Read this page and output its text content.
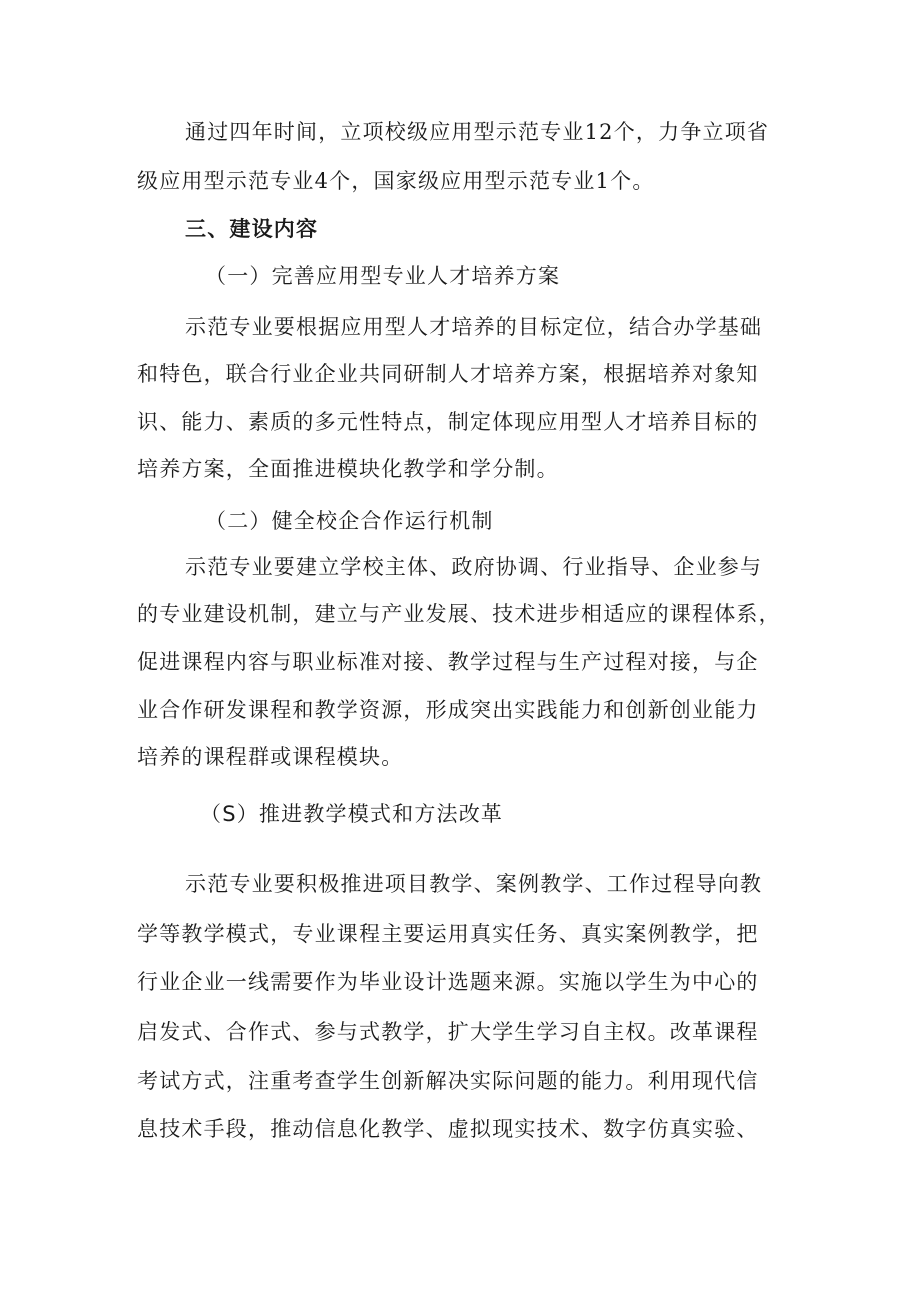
通过四年时间，立项校级应用型示范专业12个，力争立项省
级应用型示范专业4个，国家级应用型示范专业1个。
三、建设内容
（一）完善应用型专业人才培养方案
示范专业要根据应用型人才培养的目标定位，结合办学基础
和特色，联合行业企业共同研制人才培养方案，根据培养对象知
识、能力、素质的多元性特点，制定体现应用型人才培养目标的
培养方案，全面推进模块化教学和学分制。
（二）健全校企合作运行机制
示范专业要建立学校主体、政府协调、行业指导、企业参与
的专业建设机制，建立与产业发展、技术进步相适应的课程体系，
促进课程内容与职业标准对接、教学过程与生产过程对接，与企
业合作研发课程和教学资源，形成突出实践能力和创新创业能力
培养的课程群或课程模块。
（S）推进教学模式和方法改革
示范专业要积极推进项目教学、案例教学、工作过程导向教
学等教学模式，专业课程主要运用真实任务、真实案例教学，把
行业企业一线需要作为毕业设计选题来源。实施以学生为中心的
启发式、合作式、参与式教学，扩大学生学习自主权。改革课程
考试方式，注重考查学生创新解决实际问题的能力。利用现代信
息技术手段，推动信息化教学、虚拟现实技术、数字仿真实验、
